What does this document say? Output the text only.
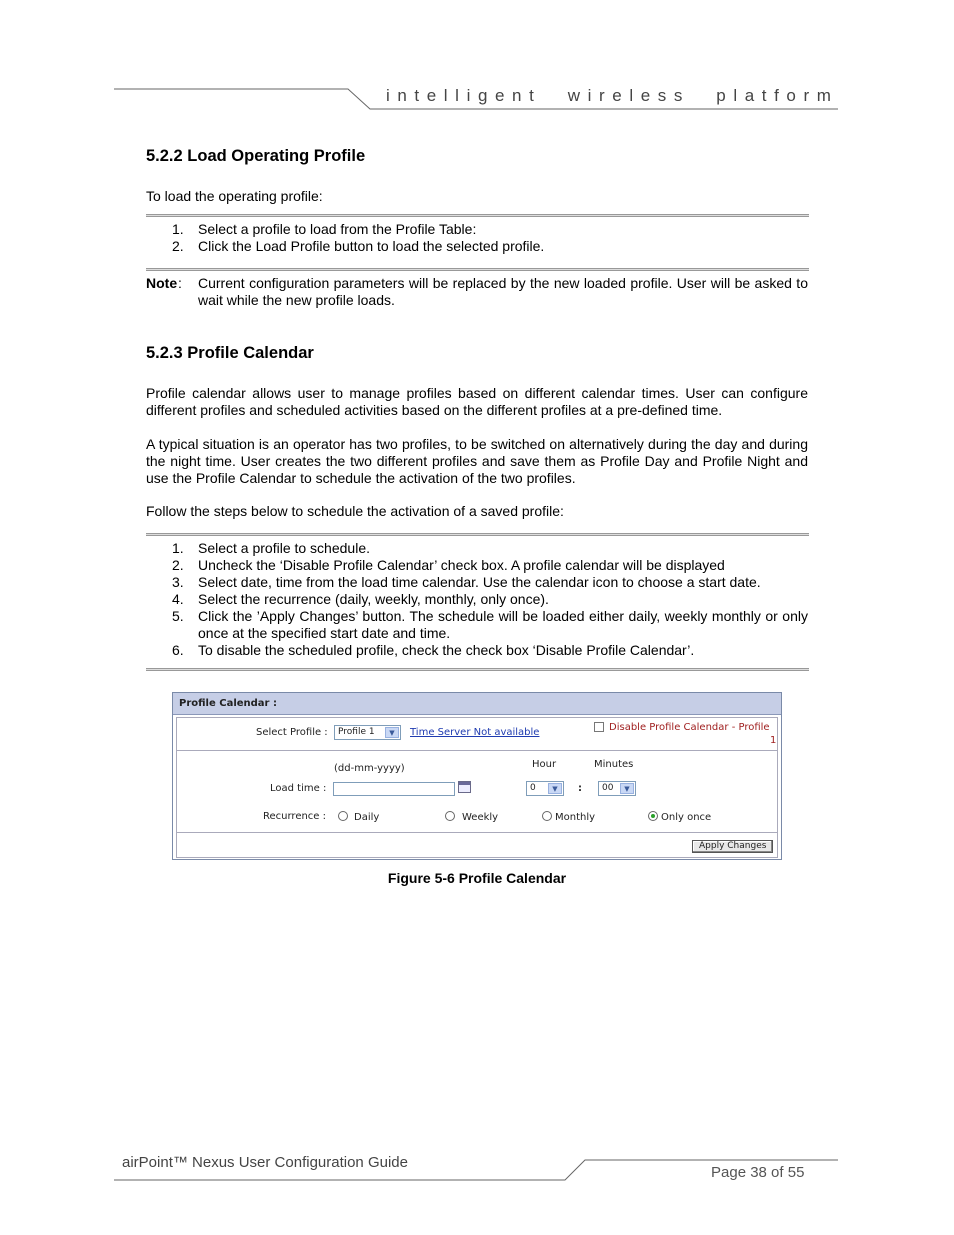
intelligent wireless platform
5.2.2 Load Operating Profile
To load the operating profile:
1. Select a profile to load from the Profile Table:
2. Click the Load Profile button to load the selected profile.
Note : Current configuration parameters will be replaced by the new loaded profile. User will be asked to wait while the new profile loads.
5.2.3 Profile Calendar
Profile calendar allows user to manage profiles based on different calendar times. User can configure different profiles and scheduled activities based on the different profiles at a pre-defined time.
A typical situation is an operator has two profiles, to be switched on alternatively during the day and during the night time. User creates the two different profiles and save them as Profile Day and Profile Night and use the Profile Calendar to schedule the activation of the two profiles.
Follow the steps below to schedule the activation of a saved profile:
1. Select a profile to schedule.
2. Uncheck the ‘Disable Profile Calendar’ check box. A profile calendar will be displayed
3. Select date, time from the load time calendar. Use the calendar icon to choose a start date.
4. Select the recurrence (daily, weekly, monthly, only once).
5. Click the ’Apply Changes’ button. The schedule will be loaded either daily, weekly monthly or only once at the specified start date and time.
6. To disable the scheduled profile, check the check box ‘Disable Profile Calendar’.
Profile Calendar :
Select Profile :	Profile 1	▼	Time Server Not available	Disable Profile Calendar - Profile
1
(dd-mm-yyyy)	Hour	Minutes
Load time :	0	▼	:	00	▼
Recurrence :	Daily	Weekly	Monthly	Only once
Apply Changes
Figure 5-6 Profile Calendar
airPoint™ Nexus User Configuration Guide
Page 38 of 55
